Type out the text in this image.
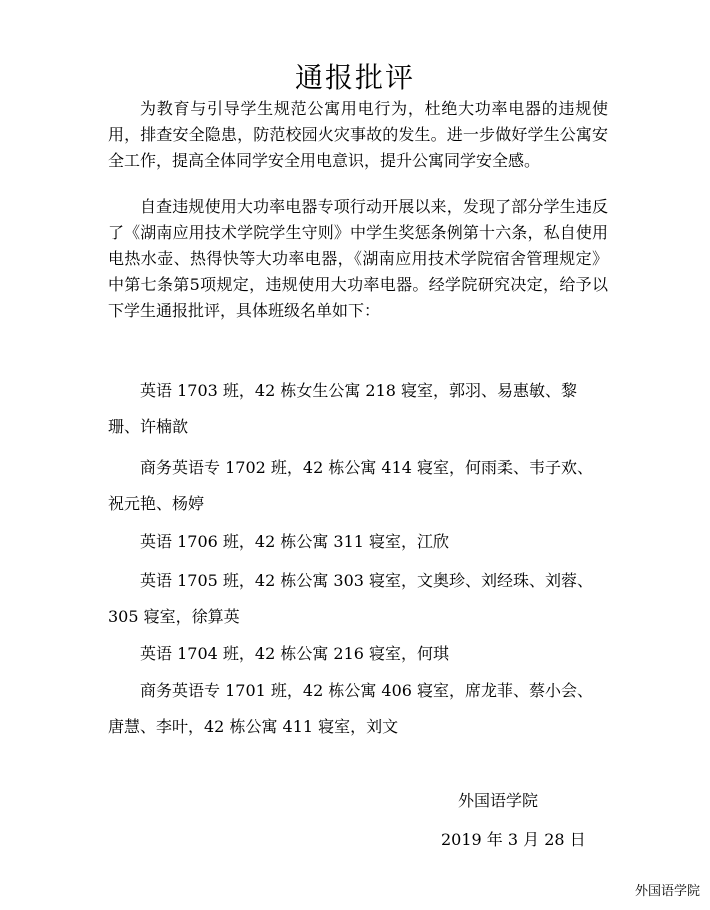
通报批评

为教育与引导学生规范公寓用电行为，杜绝大功率电器的违规使用，排查安全隐患，防范校园火灾事故的发生。进一步做好学生公寓安全工作，提高全体同学安全用电意识，提升公寓同学安全感。

自查违规使用大功率电器专项行动开展以来，发现了部分学生违反了《湖南应用技术学院学生守则》中学生奖惩条例第十六条，私自使用电热水壶、热得快等大功率电器，《湖南应用技术学院宿舍管理规定》中第七条第5项规定，违规使用大功率电器。经学院研究决定，给予以下学生通报批评，具体班级名单如下：

英语 1703 班，42 栋女生公寓 218 寝室，郭羽、易惠敏、黎珊、许楠歆

商务英语专 1702 班，42 栋公寓 414 寝室，何雨柔、韦子欢、祝元艳、杨婷

英语 1706 班，42 栋公寓 311 寝室，江欣

英语 1705 班，42 栋公寓 303 寝室，文奥珍、刘经珠、刘蓉、305 寝室，徐算英

英语 1704 班，42 栋公寓 216 寝室，何琪

商务英语专 1701 班，42 栋公寓 406 寝室，席龙菲、蔡小会、唐慧、李叶，42 栋公寓 411 寝室，刘文

外国语学院
2019 年 3 月 28 日
外国语学院
